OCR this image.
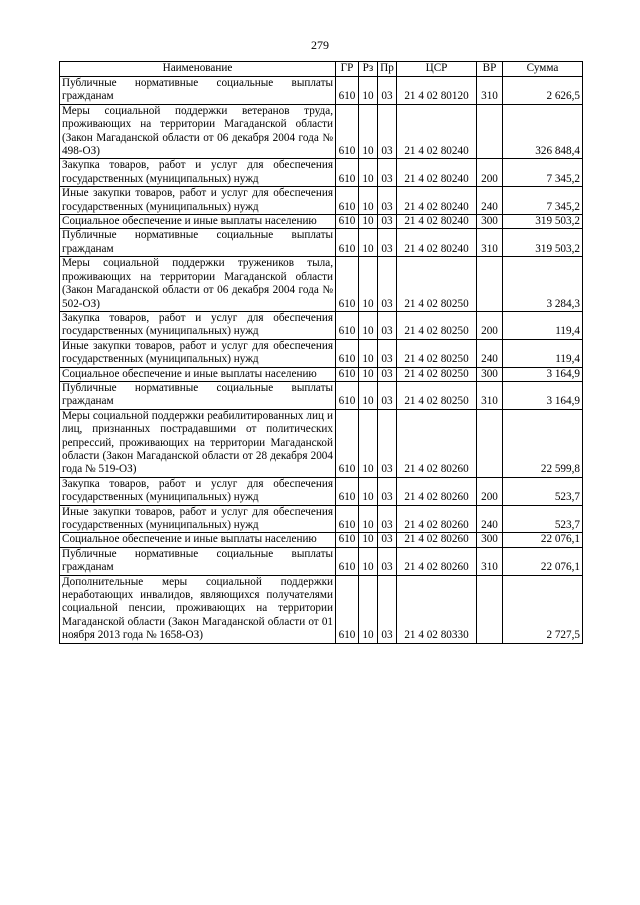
279
Наименование	ГР	Рз	Пр	ЦСР	ВР	Сумма
Публичные нормативные социальные выплаты гражданам	610	10	03	21 4 02 80120	310	2 626,5
Меры социальной поддержки ветеранов труда, проживающих на территории Магаданской области (Закон Магаданской области от 06 декабря 2004 года № 498-ОЗ)	610	10	03	21 4 02 80240		326 848,4
Закупка товаров, работ и услуг для обеспечения государственных (муниципальных) нужд	610	10	03	21 4 02 80240	200	7 345,2
Иные закупки товаров, работ и услуг для обеспечения государственных (муниципальных) нужд	610	10	03	21 4 02 80240	240	7 345,2
Социальное обеспечение и иные выплаты населению	610	10	03	21 4 02 80240	300	319 503,2
Публичные нормативные социальные выплаты гражданам	610	10	03	21 4 02 80240	310	319 503,2
Меры социальной поддержки тружеников тыла, проживающих на территории Магаданской области (Закон Магаданской области от 06 декабря 2004 года № 502-ОЗ)	610	10	03	21 4 02 80250		3 284,3
Закупка товаров, работ и услуг для обеспечения государственных (муниципальных) нужд	610	10	03	21 4 02 80250	200	119,4
Иные закупки товаров, работ и услуг для обеспечения государственных (муниципальных) нужд	610	10	03	21 4 02 80250	240	119,4
Социальное обеспечение и иные выплаты населению	610	10	03	21 4 02 80250	300	3 164,9
Публичные нормативные социальные выплаты гражданам	610	10	03	21 4 02 80250	310	3 164,9
Меры социальной поддержки реабилитированных лиц и лиц, признанных пострадавшими от политических репрессий, проживающих на территории Магаданской области (Закон Магаданской области от 28 декабря 2004 года № 519-ОЗ)	610	10	03	21 4 02 80260		22 599,8
Закупка товаров, работ и услуг для обеспечения государственных (муниципальных) нужд	610	10	03	21 4 02 80260	200	523,7
Иные закупки товаров, работ и услуг для обеспечения государственных (муниципальных) нужд	610	10	03	21 4 02 80260	240	523,7
Социальное обеспечение и иные выплаты населению	610	10	03	21 4 02 80260	300	22 076,1
Публичные нормативные социальные выплаты гражданам	610	10	03	21 4 02 80260	310	22 076,1
Дополнительные меры социальной поддержки неработающих инвалидов, являющихся получателями социальной пенсии, проживающих на территории Магаданской области (Закон Магаданской области от 01 ноября 2013 года № 1658-ОЗ)	610	10	03	21 4 02 80330		2 727,5
